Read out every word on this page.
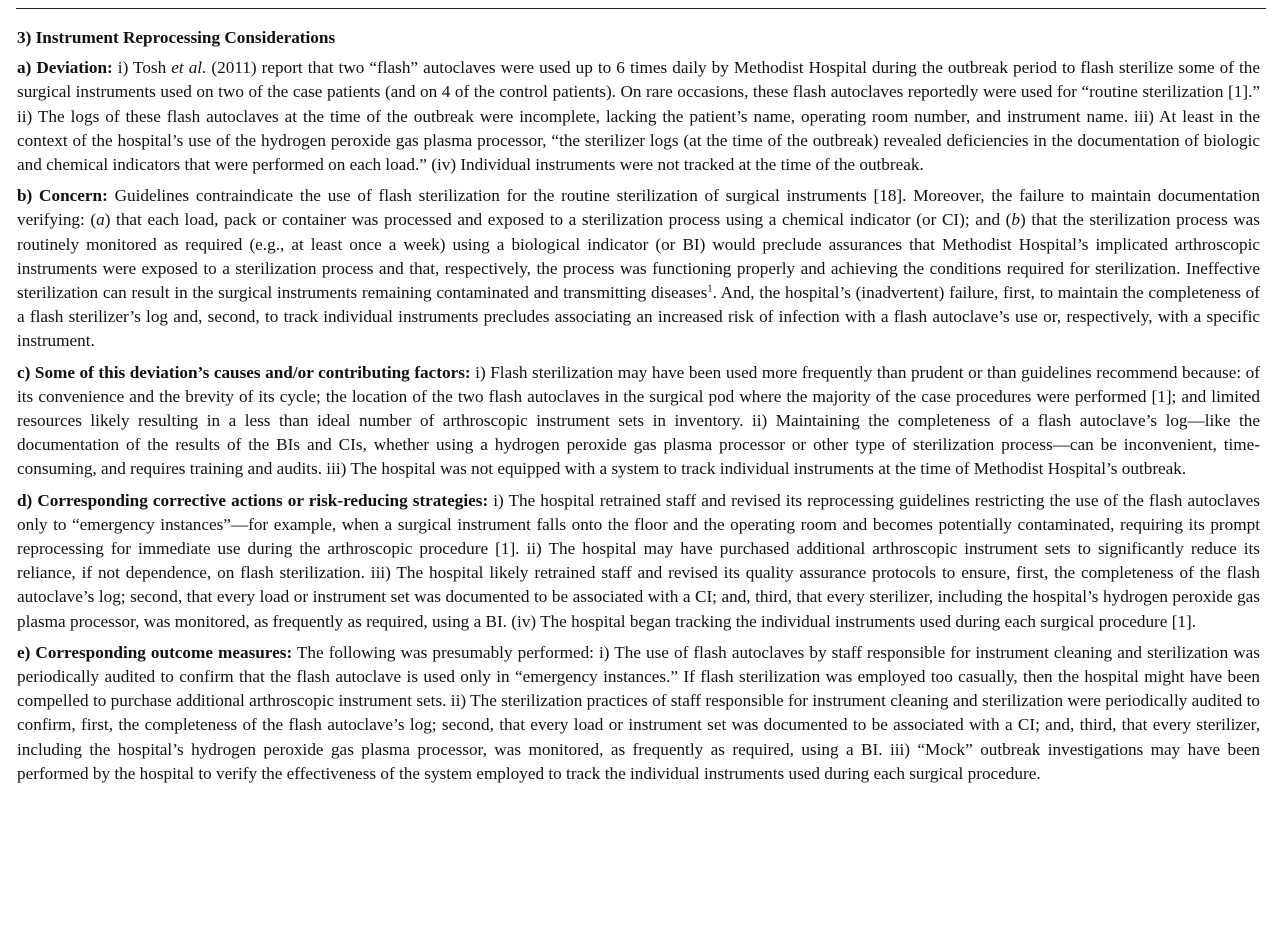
3) Instrument Reprocessing Considerations

a) Deviation: i) Tosh et al. (2011) report that two “flash” autoclaves were used up to 6 times daily by Methodist Hospital during the outbreak period to flash sterilize some of the surgical instruments used on two of the case patients (and on 4 of the control patients). On rare occasions, these flash autoclaves reportedly were used for “routine sterilization [1].” ii) The logs of these flash autoclaves at the time of the outbreak were incomplete, lacking the patient’s name, operating room number, and instrument name. iii) At least in the context of the hospital’s use of the hydrogen peroxide gas plasma processor, “the sterilizer logs (at the time of the outbreak) revealed deficiencies in the documentation of biologic and chemical indicators that were performed on each load.” (iv) Individual instruments were not tracked at the time of the outbreak.

b) Concern: Guidelines contraindicate the use of flash sterilization for the routine sterilization of surgical instruments [18]. Moreover, the failure to maintain documentation verifying: (a) that each load, pack or container was processed and exposed to a sterilization process using a chemical indicator (or CI); and (b) that the sterilization process was routinely monitored as required (e.g., at least once a week) using a biological indicator (or BI) would preclude assurances that Methodist Hospital’s implicated arthroscopic instruments were exposed to a sterilization process and that, respectively, the process was functioning properly and achieving the conditions required for sterilization. Ineffective sterilization can result in the surgical instruments remaining contaminated and transmitting diseases$^1$. And, the hospital’s (inadvertent) failure, first, to maintain the completeness of a flash sterilizer’s log and, second, to track individual instruments precludes associating an increased risk of infection with a flash autoclave’s use or, respectively, with a specific instrument.

c) Some of this deviation’s causes and/or contributing factors: i) Flash sterilization may have been used more frequently than prudent or than guidelines recommend because: of its convenience and the brevity of its cycle; the location of the two flash autoclaves in the surgical pod where the majority of the case procedures were performed [1]; and limited resources likely resulting in a less than ideal number of arthroscopic instrument sets in inventory. ii) Maintaining the completeness of a flash autoclave’s log—like the documentation of the results of the BIs and CIs, whether using a hydrogen peroxide gas plasma processor or other type of sterilization process—can be inconvenient, time-consuming, and requires training and audits. iii) The hospital was not equipped with a system to track individual instruments at the time of Methodist Hospital’s outbreak.

d) Corresponding corrective actions or risk-reducing strategies: i) The hospital retrained staff and revised its reprocessing guidelines restricting the use of the flash autoclaves only to “emergency instances”—for example, when a surgical instrument falls onto the floor and the operating room and becomes potentially contaminated, requiring its prompt reprocessing for immediate use during the arthroscopic procedure [1]. ii) The hospital may have purchased additional arthroscopic instrument sets to significantly reduce its reliance, if not dependence, on flash sterilization. iii) The hospital likely retrained staff and revised its quality assurance protocols to ensure, first, the completeness of the flash autoclave’s log; second, that every load or instrument set was documented to be associated with a CI; and, third, that every sterilizer, including the hospital’s hydrogen peroxide gas plasma processor, was monitored, as frequently as required, using a BI. (iv) The hospital began tracking the individual instruments used during each surgical procedure [1].

e) Corresponding outcome measures: The following was presumably performed: i) The use of flash autoclaves by staff responsible for instrument cleaning and sterilization was periodically audited to confirm that the flash autoclave is used only in “emergency instances.” If flash sterilization was employed too casually, then the hospital might have been compelled to purchase additional arthroscopic instrument sets. ii) The sterilization practices of staff responsible for instrument cleaning and sterilization were periodically audited to confirm, first, the completeness of the flash autoclave’s log; second, that every load or instrument set was documented to be associated with a CI; and, third, that every sterilizer, including the hospital’s hydrogen peroxide gas plasma processor, was monitored, as frequently as required, using a BI. iii) “Mock” outbreak investigations may have been performed by the hospital to verify the effectiveness of the system employed to track the individual instruments used during each surgical procedure.
